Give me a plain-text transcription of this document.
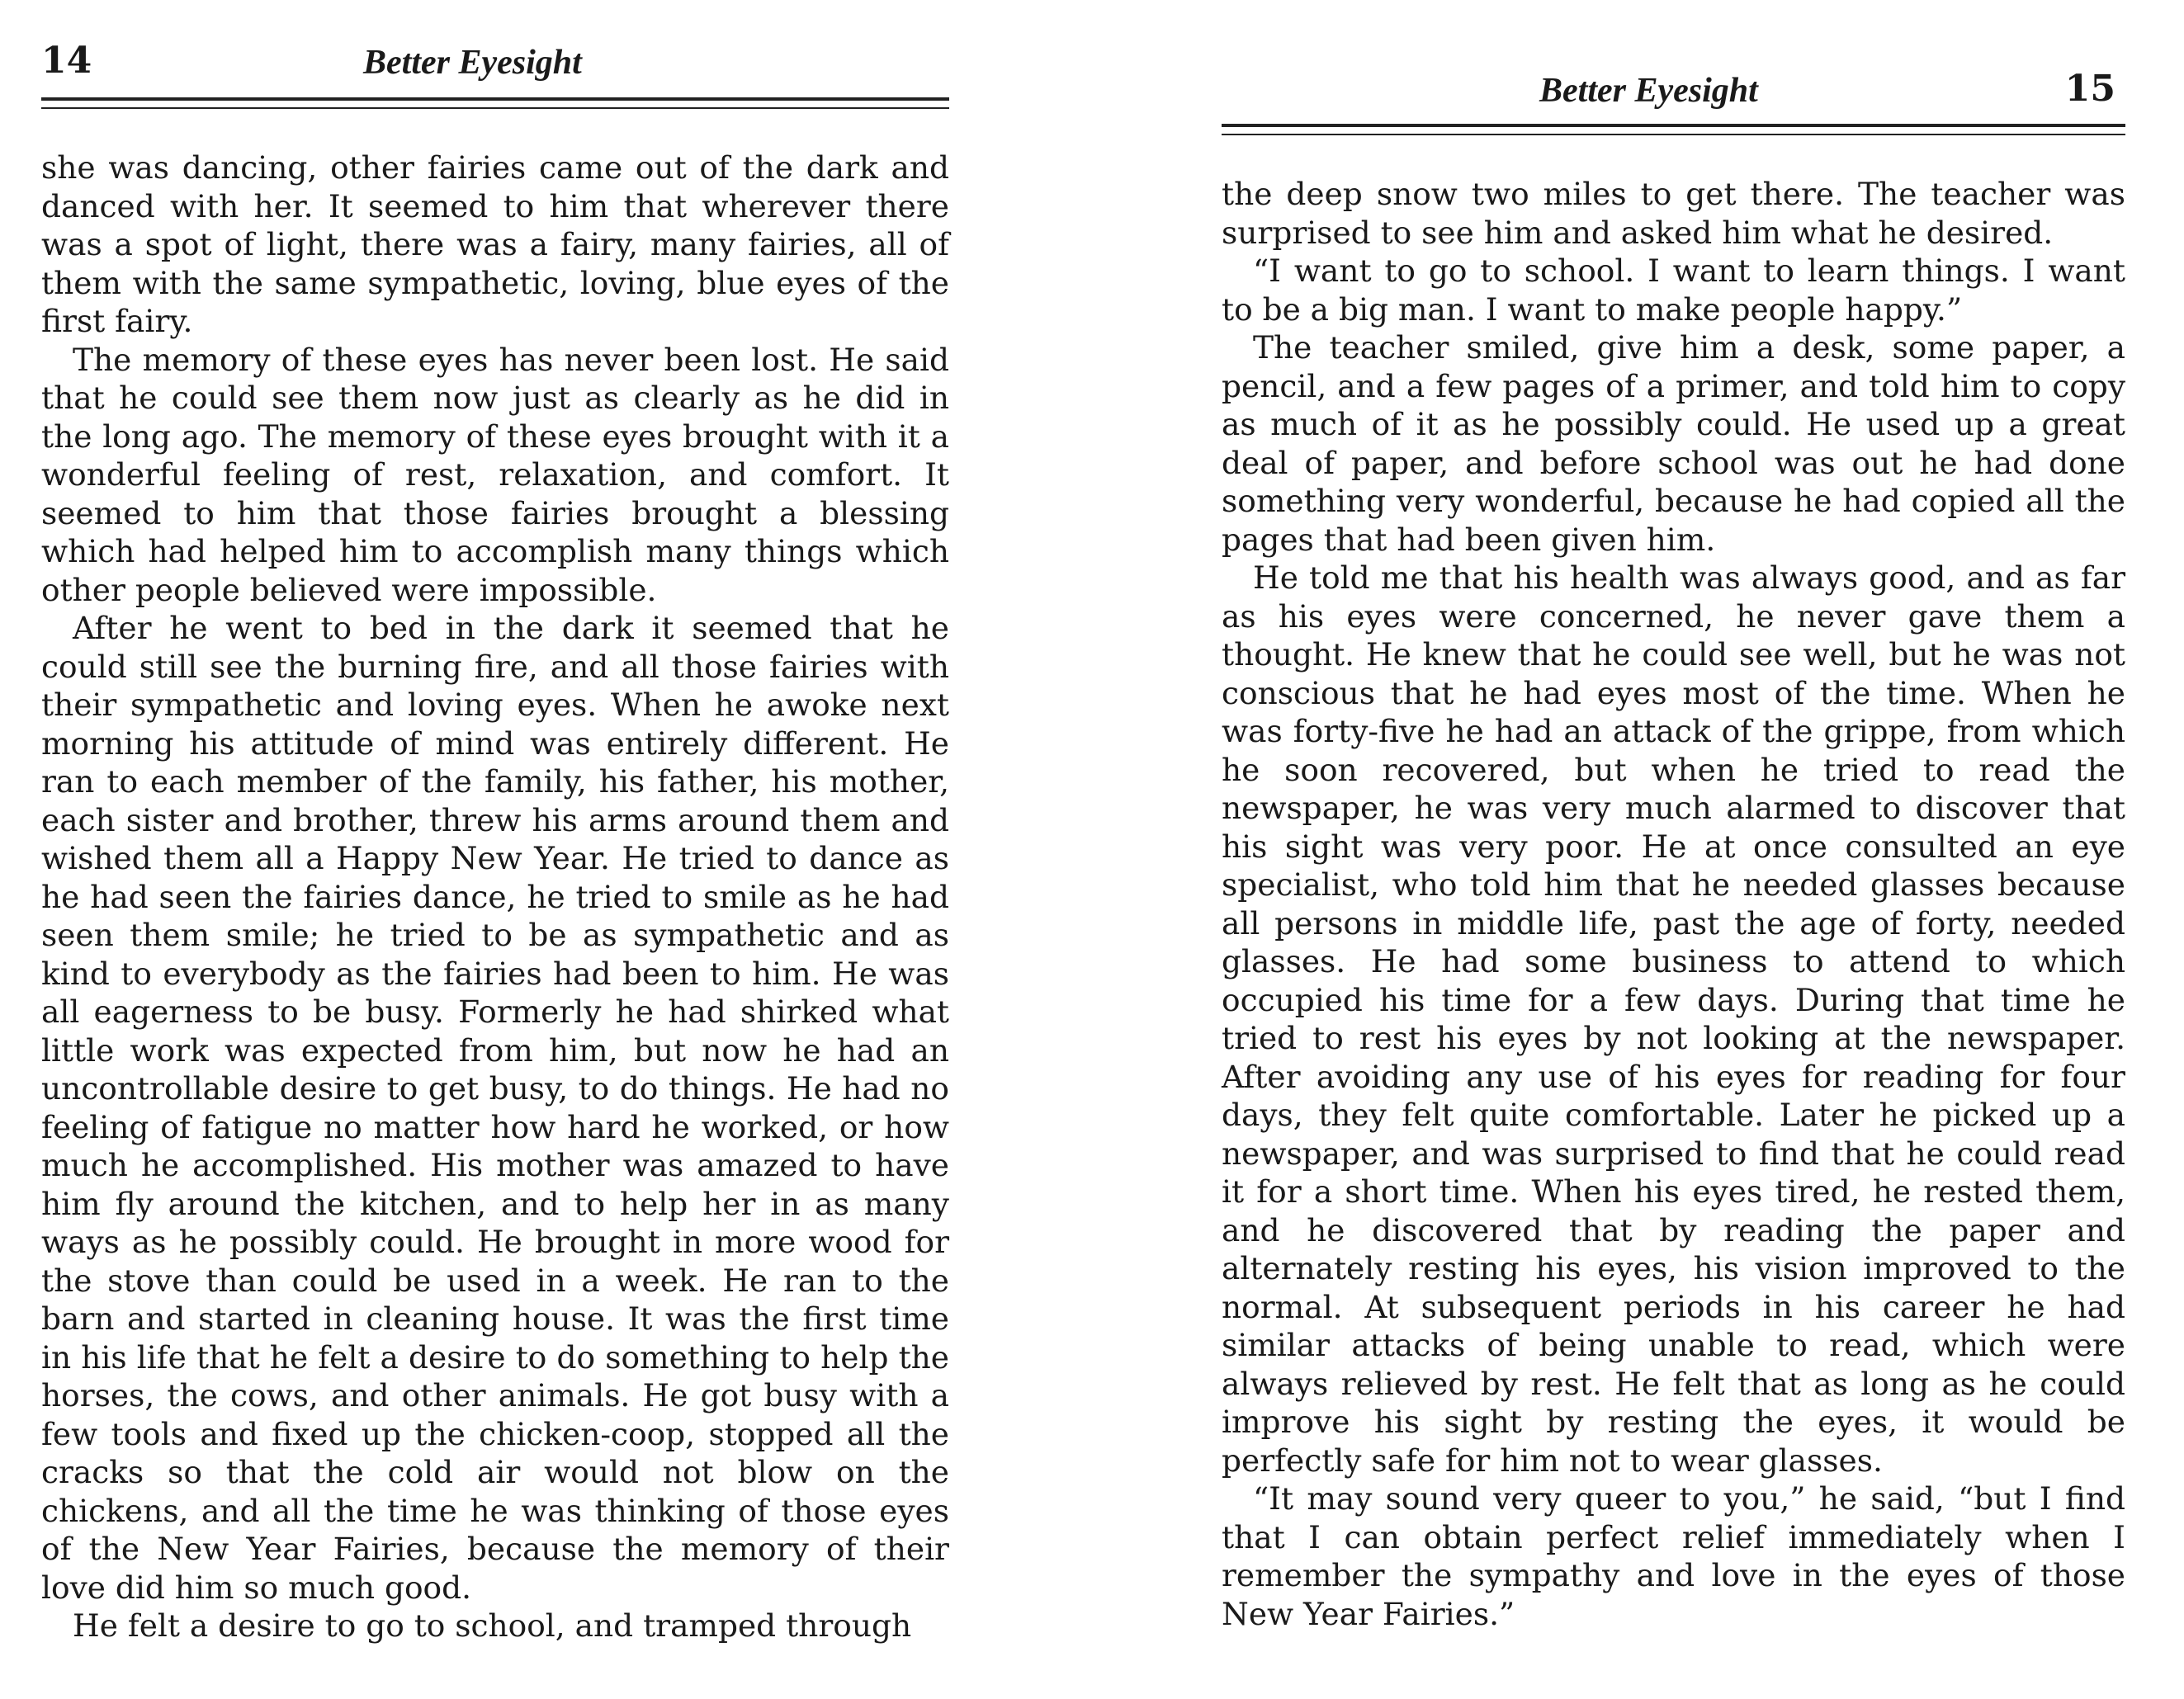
14	Better Eyesight

she was dancing, other fairies came out of the dark and danced with her. It seemed to him that wherever there was a spot of light, there was a fairy, many fairies, all of them with the same sympathetic, loving, blue eyes of the first fairy.

The memory of these eyes has never been lost. He said that he could see them now just as clearly as he did in the long ago. The memory of these eyes brought with it a wonderful feeling of rest, relaxation, and comfort. It seemed to him that those fairies brought a blessing which had helped him to accomplish many things which other people believed were impossible.

After he went to bed in the dark it seemed that he could still see the burning fire, and all those fairies with their sympathetic and loving eyes. When he awoke next morning his attitude of mind was entirely different. He ran to each member of the family, his father, his mother, each sister and brother, threw his arms around them and wished them all a Happy New Year. He tried to dance as he had seen the fairies dance, he tried to smile as he had seen them smile; he tried to be as sympathetic and as kind to everybody as the fairies had been to him. He was all eagerness to be busy. Formerly he had shirked what little work was expected from him, but now he had an uncontrollable desire to get busy, to do things. He had no feeling of fatigue no matter how hard he worked, or how much he accomplished. His mother was amazed to have him fly around the kitchen, and to help her in as many ways as he possibly could. He brought in more wood for the stove than could be used in a week. He ran to the barn and started in cleaning house. It was the first time in his life that he felt a desire to do something to help the horses, the cows, and other animals. He got busy with a few tools and fixed up the chicken-coop, stopped all the cracks so that the cold air would not blow on the chickens, and all the time he was thinking of those eyes of the New Year Fairies, because the memory of their love did him so much good.

He felt a desire to go to school, and tramped through

Better Eyesight	15

the deep snow two miles to get there. The teacher was surprised to see him and asked him what he desired.

“I want to go to school. I want to learn things. I want to be a big man. I want to make people happy.”

The teacher smiled, give him a desk, some paper, a pencil, and a few pages of a primer, and told him to copy as much of it as he possibly could. He used up a great deal of paper, and before school was out he had done something very wonderful, because he had copied all the pages that had been given him.

He told me that his health was always good, and as far as his eyes were concerned, he never gave them a thought. He knew that he could see well, but he was not conscious that he had eyes most of the time. When he was forty-five he had an attack of the grippe, from which he soon recovered, but when he tried to read the newspaper, he was very much alarmed to discover that his sight was very poor. He at once consulted an eye specialist, who told him that he needed glasses because all persons in middle life, past the age of forty, needed glasses. He had some business to attend to which occupied his time for a few days. During that time he tried to rest his eyes by not looking at the newspaper. After avoiding any use of his eyes for reading for four days, they felt quite comfortable. Later he picked up a newspaper, and was surprised to find that he could read it for a short time. When his eyes tired, he rested them, and he discovered that by reading the paper and alternately resting his eyes, his vision improved to the normal. At subsequent periods in his career he had similar attacks of being unable to read, which were always relieved by rest. He felt that as long as he could improve his sight by resting the eyes, it would be perfectly safe for him not to wear glasses.

“It may sound very queer to you,” he said, “but I find that I can obtain perfect relief immediately when I remember the sympathy and love in the eyes of those New Year Fairies.”
